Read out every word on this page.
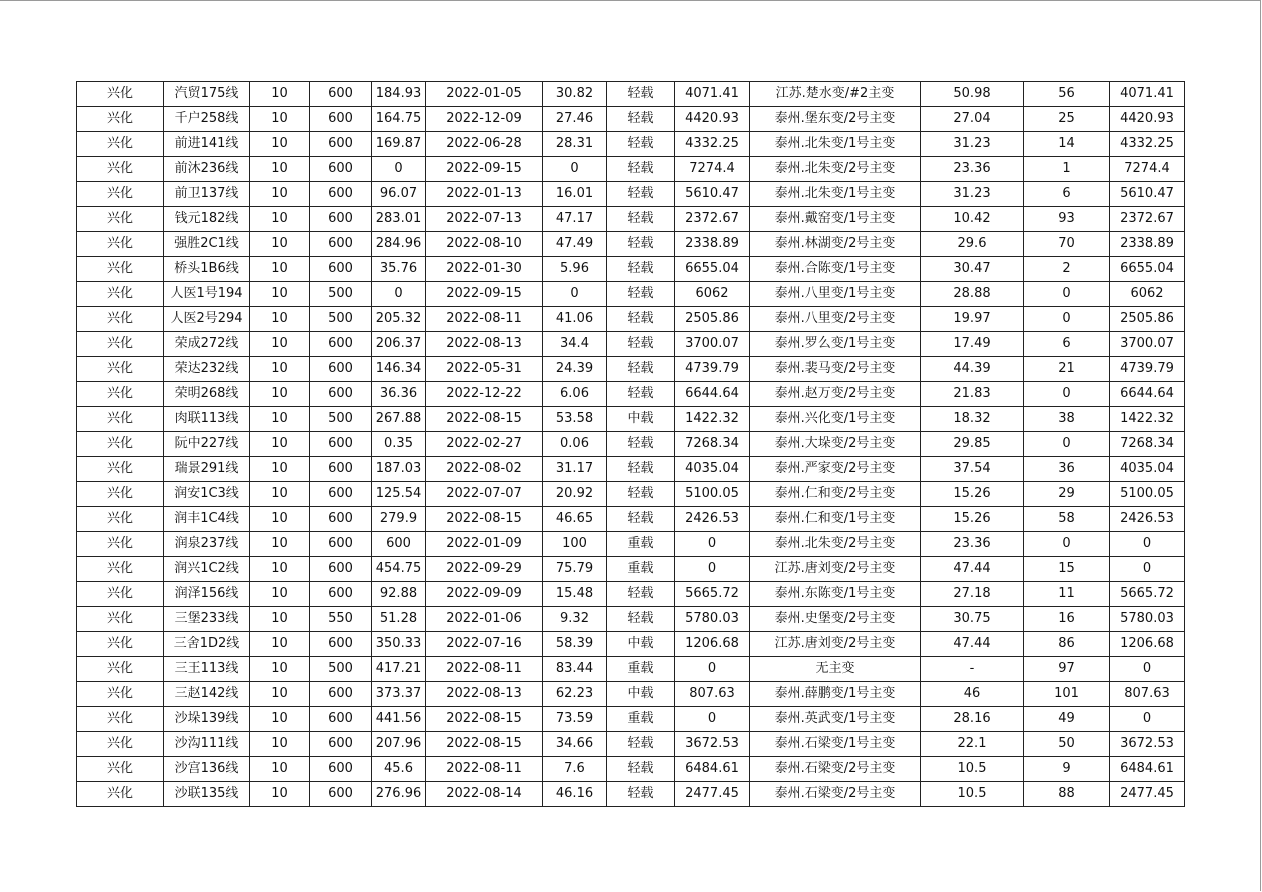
兴化	汽贸175线	10	600	184.93	2022-01-05	30.82	轻载	4071.41	江苏.楚水变/#2主变	50.98	56	4071.41
兴化	千户258线	10	600	164.75	2022-12-09	27.46	轻载	4420.93	泰州.堡东变/2号主变	27.04	25	4420.93
兴化	前进141线	10	600	169.87	2022-06-28	28.31	轻载	4332.25	泰州.北朱变/1号主变	31.23	14	4332.25
兴化	前沐236线	10	600	0	2022-09-15	0	轻载	7274.4	泰州.北朱变/2号主变	23.36	1	7274.4
兴化	前卫137线	10	600	96.07	2022-01-13	16.01	轻载	5610.47	泰州.北朱变/1号主变	31.23	6	5610.47
兴化	钱元182线	10	600	283.01	2022-07-13	47.17	轻载	2372.67	泰州.戴窑变/1号主变	10.42	93	2372.67
兴化	强胜2C1线	10	600	284.96	2022-08-10	47.49	轻载	2338.89	泰州.林湖变/2号主变	29.6	70	2338.89
兴化	桥头1B6线	10	600	35.76	2022-01-30	5.96	轻载	6655.04	泰州.合陈变/1号主变	30.47	2	6655.04
兴化	人医1号194	10	500	0	2022-09-15	0	轻载	6062	泰州.八里变/1号主变	28.88	0	6062
兴化	人医2号294	10	500	205.32	2022-08-11	41.06	轻载	2505.86	泰州.八里变/2号主变	19.97	0	2505.86
兴化	荣成272线	10	600	206.37	2022-08-13	34.4	轻载	3700.07	泰州.罗么变/1号主变	17.49	6	3700.07
兴化	荣达232线	10	600	146.34	2022-05-31	24.39	轻载	4739.79	泰州.裴马变/2号主变	44.39	21	4739.79
兴化	荣明268线	10	600	36.36	2022-12-22	6.06	轻载	6644.64	泰州.赵万变/2号主变	21.83	0	6644.64
兴化	肉联113线	10	500	267.88	2022-08-15	53.58	中载	1422.32	泰州.兴化变/1号主变	18.32	38	1422.32
兴化	阮中227线	10	600	0.35	2022-02-27	0.06	轻载	7268.34	泰州.大垛变/2号主变	29.85	0	7268.34
兴化	瑞景291线	10	600	187.03	2022-08-02	31.17	轻载	4035.04	泰州.严家变/2号主变	37.54	36	4035.04
兴化	润安1C3线	10	600	125.54	2022-07-07	20.92	轻载	5100.05	泰州.仁和变/2号主变	15.26	29	5100.05
兴化	润丰1C4线	10	600	279.9	2022-08-15	46.65	轻载	2426.53	泰州.仁和变/1号主变	15.26	58	2426.53
兴化	润泉237线	10	600	600	2022-01-09	100	重载	0	泰州.北朱变/2号主变	23.36	0	0
兴化	润兴1C2线	10	600	454.75	2022-09-29	75.79	重载	0	江苏.唐刘变/2号主变	47.44	15	0
兴化	润泽156线	10	600	92.88	2022-09-09	15.48	轻载	5665.72	泰州.东陈变/1号主变	27.18	11	5665.72
兴化	三堡233线	10	550	51.28	2022-01-06	9.32	轻载	5780.03	泰州.史堡变/2号主变	30.75	16	5780.03
兴化	三舍1D2线	10	600	350.33	2022-07-16	58.39	中载	1206.68	江苏.唐刘变/2号主变	47.44	86	1206.68
兴化	三王113线	10	500	417.21	2022-08-11	83.44	重载	0	无主变	-	97	0
兴化	三赵142线	10	600	373.37	2022-08-13	62.23	中载	807.63	泰州.薛鹏变/1号主变	46	101	807.63
兴化	沙垛139线	10	600	441.56	2022-08-15	73.59	重载	0	泰州.英武变/1号主变	28.16	49	0
兴化	沙沟111线	10	600	207.96	2022-08-15	34.66	轻载	3672.53	泰州.石梁变/1号主变	22.1	50	3672.53
兴化	沙宫136线	10	600	45.6	2022-08-11	7.6	轻载	6484.61	泰州.石梁变/2号主变	10.5	9	6484.61
兴化	沙联135线	10	600	276.96	2022-08-14	46.16	轻载	2477.45	泰州.石梁变/2号主变	10.5	88	2477.45
